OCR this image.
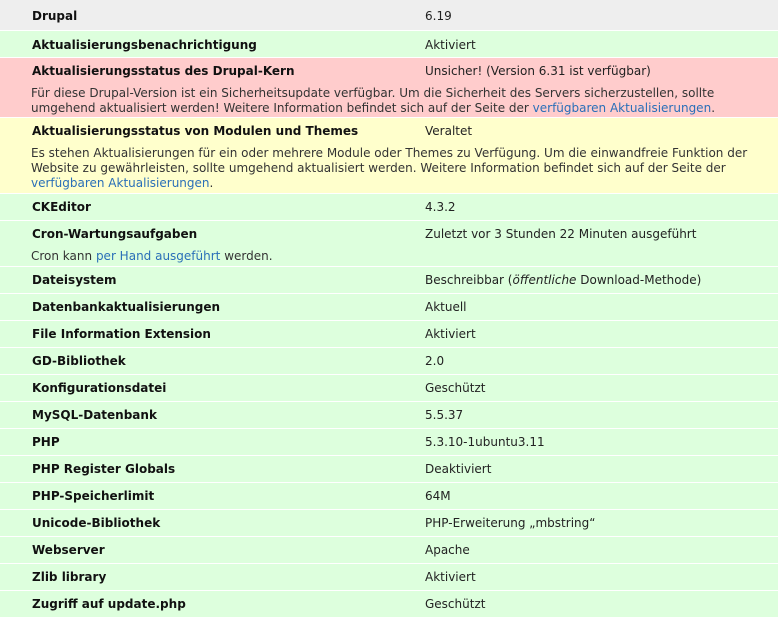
Drupal	6.19
Aktualisierungsbenachrichtigung	Aktiviert
Aktualisierungsstatus des Drupal-Kern	Unsicher! (Version 6.31 ist verfügbar)
Für diese Drupal-Version ist ein Sicherheitsupdate verfügbar. Um die Sicherheit des Servers sicherzustellen, sollte umgehend aktualisiert werden! Weitere Information befindet sich auf der Seite der verfügbaren Aktualisierungen.
Aktualisierungsstatus von Modulen und Themes	Veraltet
Es stehen Aktualisierungen für ein oder mehrere Module oder Themes zu Verfügung. Um die einwandfreie Funktion der Website zu gewährleisten, sollte umgehend aktualisiert werden. Weitere Information befindet sich auf der Seite der verfügbaren Aktualisierungen.
CKEditor	4.3.2
Cron-Wartungsaufgaben	Zuletzt vor 3 Stunden 22 Minuten ausgeführt
Cron kann per Hand ausgeführt werden.
Dateisystem	Beschreibbar (öffentliche Download-Methode)
Datenbankaktualisierungen	Aktuell
File Information Extension	Aktiviert
GD-Bibliothek	2.0
Konfigurationsdatei	Geschützt
MySQL-Datenbank	5.5.37
PHP	5.3.10-1ubuntu3.11
PHP Register Globals	Deaktiviert
PHP-Speicherlimit	64M
Unicode-Bibliothek	PHP-Erweiterung „mbstring“
Webserver	Apache
Zlib library	Aktiviert
Zugriff auf update.php	Geschützt
